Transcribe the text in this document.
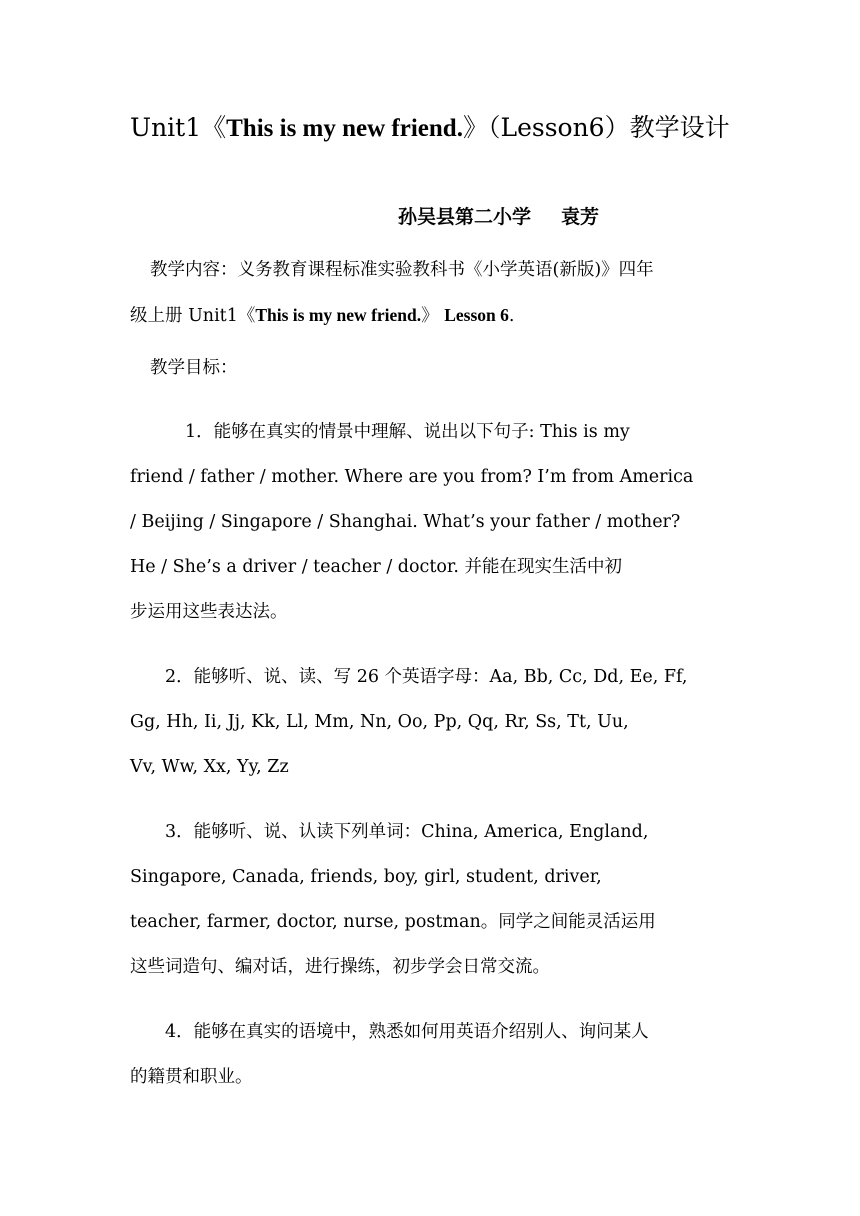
Unit1《This is my new friend.》（Lesson6）教学设计
孙吴县第二小学 袁芳
教学内容：义务教育课程标准实验教科书《小学英语(新版)》四年
级上册 Unit1《This is my new friend.》 Lesson 6.
教学目标：
1．能够在真实的情景中理解、说出以下句子: This is my
friend / father / mother. Where are you from? I’m from America
/ Beijing / Singapore / Shanghai. What’s your father / mother?
He / She’s a driver / teacher / doctor. 并能在现实生活中初
步运用这些表达法。
2．能够听、说、读、写 26 个英语字母：Aa, Bb, Cc, Dd, Ee, Ff,
Gg, Hh, Ii, Jj, Kk, Ll, Mm, Nn, Oo, Pp, Qq, Rr, Ss, Tt, Uu,
Vv, Ww, Xx, Yy, Zz
3．能够听、说、认读下列单词：China, America, England,
Singapore, Canada, friends, boy, girl, student, driver,
teacher, farmer, doctor, nurse, postman。同学之间能灵活运用
这些词造句、编对话，进行操练，初步学会日常交流。
4．能够在真实的语境中，熟悉如何用英语介绍别人、询问某人
的籍贯和职业。
